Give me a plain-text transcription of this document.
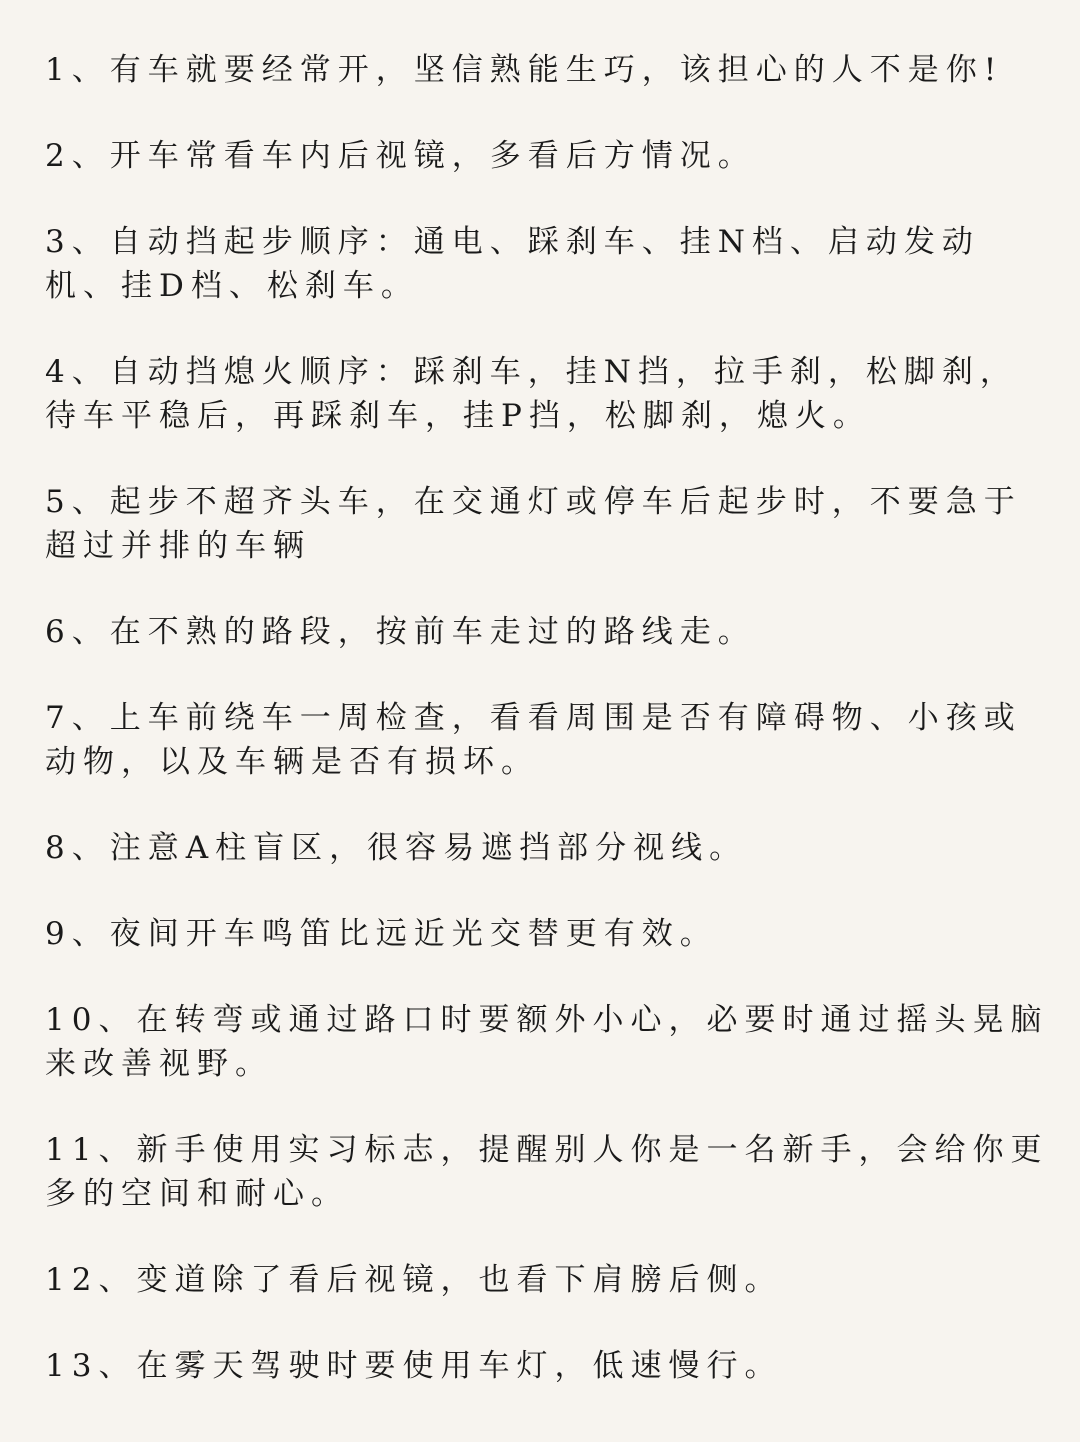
1、有车就要经常开，坚信熟能生巧，该担心的人不是你!
2、开车常看车内后视镜，多看后方情况。
3、自动挡起步顺序：通电、踩刹车、挂N档、启动发动机、挂D档、松刹车。
4、自动挡熄火顺序：踩刹车，挂N挡，拉手刹，松脚刹，待车平稳后，再踩刹车，挂P挡，松脚刹，熄火。
5、起步不超齐头车，在交通灯或停车后起步时，不要急于超过并排的车辆
6、在不熟的路段，按前车走过的路线走。
7、上车前绕车一周检查，看看周围是否有障碍物、小孩或动物，以及车辆是否有损坏。
8、注意A柱盲区，很容易遮挡部分视线。
9、夜间开车鸣笛比远近光交替更有效。
10、在转弯或通过路口时要额外小心，必要时通过摇头晃脑来改善视野。
11、新手使用实习标志，提醒别人你是一名新手，会给你更多的空间和耐心。
12、变道除了看后视镜，也看下肩膀后侧。
13、在雾天驾驶时要使用车灯，低速慢行。
